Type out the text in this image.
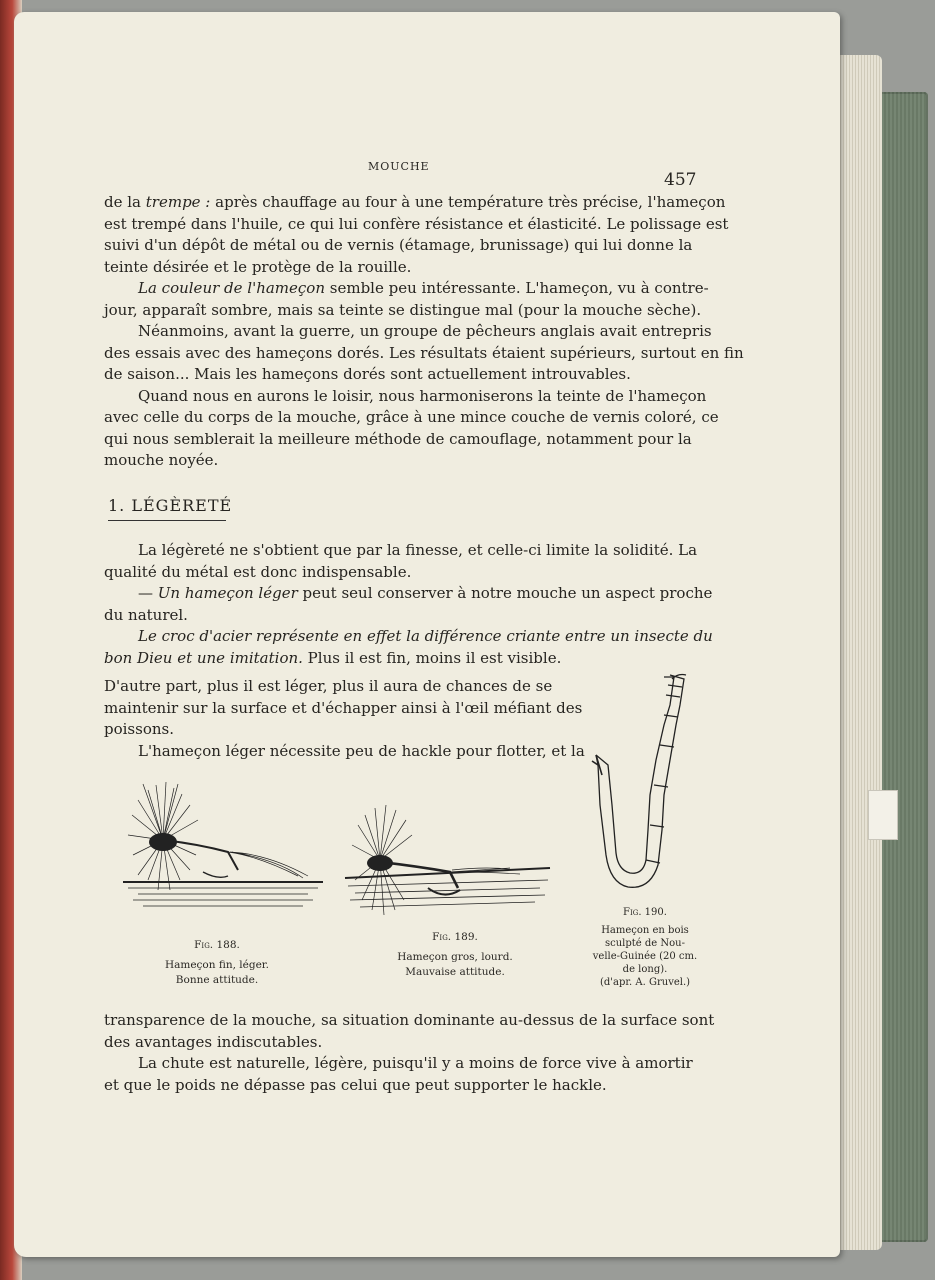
MOUCHE
457
de la trempe : après chauffage au four à une température très précise, l'hameçon
est trempé dans l'huile, ce qui lui confère résistance et élasticité. Le polissage est
suivi d'un dépôt de métal ou de vernis (étamage, brunissage) qui lui donne la
teinte désirée et le protège de la rouille.
La couleur de l'hameçon semble peu intéressante. L'hameçon, vu à contre-
jour, apparaît sombre, mais sa teinte se distingue mal (pour la mouche sèche).
Néanmoins, avant la guerre, un groupe de pêcheurs anglais avait entrepris
des essais avec des hameçons dorés. Les résultats étaient supérieurs, surtout en fin
de saison... Mais les hameçons dorés sont actuellement introuvables.
Quand nous en aurons le loisir, nous harmoniserons la teinte de l'hameçon
avec celle du corps de la mouche, grâce à une mince couche de vernis coloré, ce
qui nous semblerait la meilleure méthode de camouflage, notamment pour la
mouche noyée.
1. LÉGÈRETÉ
La légèreté ne s'obtient que par la finesse, et celle-ci limite la solidité. La
qualité du métal est donc indispensable.
— Un hameçon léger peut seul conserver à notre mouche un aspect proche
du naturel.
Le croc d'acier représente en effet la différence criante entre un insecte du
bon Dieu et une imitation. Plus il est fin, moins il est visible.
D'autre part, plus il est léger, plus il aura de chances de se
maintenir sur la surface et d'échapper ainsi à l'œil méfiant des
poissons.
L'hameçon léger nécessite peu de hackle pour flotter, et la
Fig. 188.
Hameçon fin, léger.
Bonne attitude.
Fig. 189.
Hameçon gros, lourd.
Mauvaise attitude.
Fig. 190.
Hameçon en bois
sculpté de Nou-
velle-Guinée (20 cm.
de long).
(d'apr. A. Gruvel.)
transparence de la mouche, sa situation dominante au-dessus de la surface sont
des avantages indiscutables.
La chute est naturelle, légère, puisqu'il y a moins de force vive à amortir
et que le poids ne dépasse pas celui que peut supporter le hackle.
